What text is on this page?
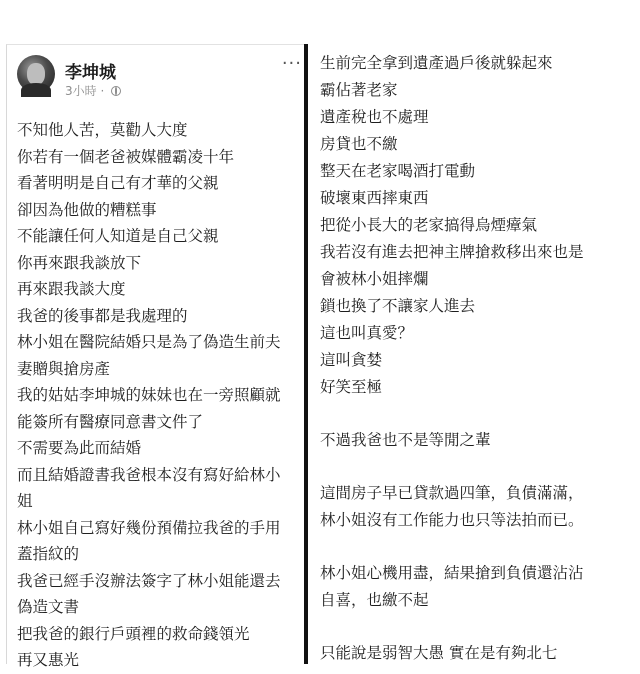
李坤城
3小時 ·
···
不知他人苦，莫勸人大度
你若有一個老爸被媒體霸凌十年
看著明明是自己有才華的父親
卻因為他做的糟糕事
不能讓任何人知道是自己父親
你再來跟我談放下
再來跟我談大度
我爸的後事都是我處理的
林小姐在醫院結婚只是為了偽造生前夫
妻贈與搶房產
我的姑姑李坤城的妹妹也在一旁照顧就
能簽所有醫療同意書文件了
不需要為此而結婚
而且結婚證書我爸根本沒有寫好給林小
姐
林小姐自己寫好幾份預備拉我爸的手用
蓋指紋的
我爸已經手沒辦法簽字了林小姐能還去
偽造文書
把我爸的銀行戶頭裡的救命錢領光
再又惠光
生前完全拿到遺產過戶後就躲起來
霸佔著老家
遺產稅也不處理
房貸也不繳
整天在老家喝酒打電動
破壞東西摔東西
把從小長大的老家搞得烏煙瘴氣
我若沒有進去把神主牌搶救移出來也是
會被林小姐摔爛
鎖也換了不讓家人進去
這也叫真愛？
這叫貪婪
好笑至極
不過我爸也不是等閒之輩
這間房子早已貸款過四筆，負債滿滿，
林小姐沒有工作能力也只等法拍而已。
林小姐心機用盡，結果搶到負債還沾沾
自喜，也繳不起
只能說是弱智大愚 實在是有夠北七
